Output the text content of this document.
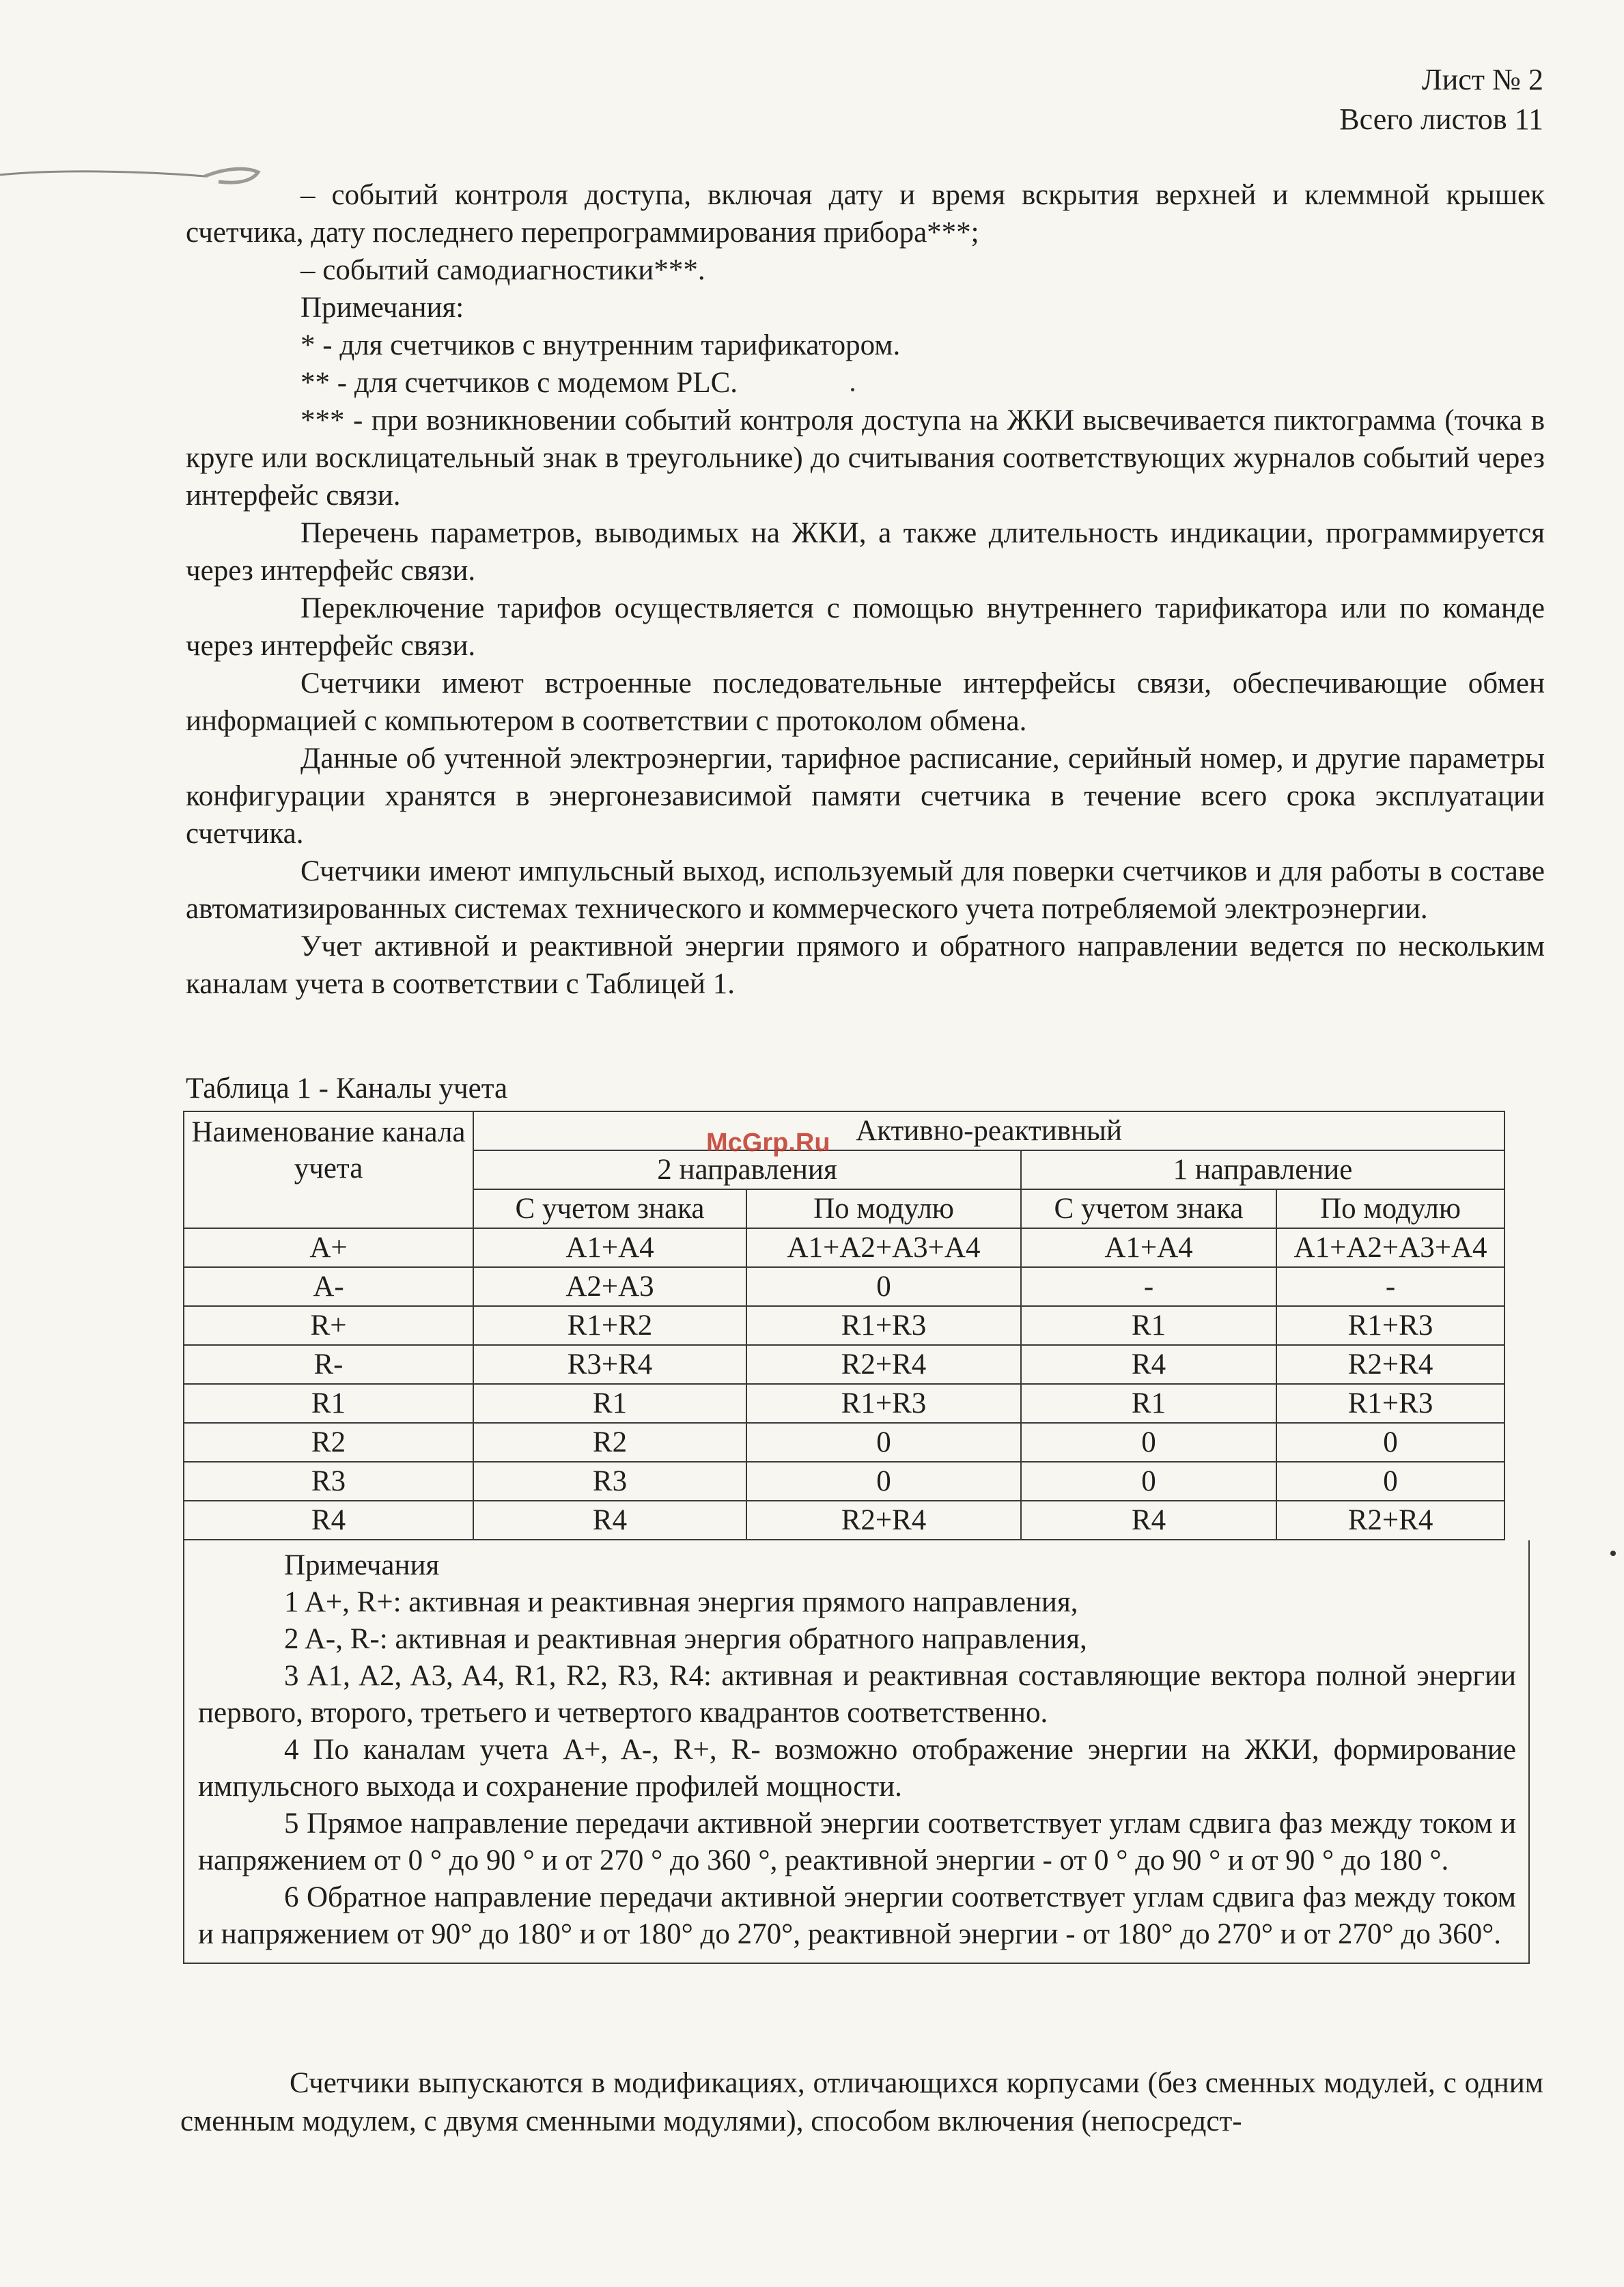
Лист № 2
Всего листов 11

– событий контроля доступа, включая дату и время вскрытия верхней и клеммной крышек счетчика, дату последнего перепрограммирования прибора***;

– событий самодиагностики***.

Примечания:

* - для счетчиков с внутренним тарификатором.

** - для счетчиков с модемом PLC.

*** - при возникновении событий контроля доступа на ЖКИ высвечивается пиктограмма (точка в круге или восклицательный знак в треугольнике) до считывания соответствующих журналов событий через интерфейс связи.

Перечень параметров, выводимых на ЖКИ, а также длительность индикации, программируется через интерфейс связи.

Переключение тарифов осуществляется с помощью внутреннего тарификатора или по команде через интерфейс связи.

Счетчики имеют встроенные последовательные интерфейсы связи, обеспечивающие обмен информацией с компьютером в соответствии с протоколом обмена.

Данные об учтенной электроэнергии, тарифное расписание, серийный номер, и другие параметры конфигурации хранятся в энергонезависимой памяти счетчика в течение всего срока эксплуатации счетчика.

Счетчики имеют импульсный выход, используемый для поверки счетчиков и для работы в составе автоматизированных системах технического и коммерческого учета потребляемой электроэнергии.

Учет активной и реактивной энергии прямого и обратного направлении ведется по нескольким каналам учета в соответствии с Таблицей 1.

Таблица 1 - Каналы учета
Наименование канала учета	Активно-реактивный			
	2 направления		1 направление	
	С учетом знака	По модулю	С учетом знака	По модулю
A+	A1+A4	A1+A2+A3+A4	A1+A4	A1+A2+A3+A4
A-	A2+A3	0	-	-
R+	R1+R2	R1+R3	R1	R1+R3
R-	R3+R4	R2+R4	R4	R2+R4
R1	R1	R1+R3	R1	R1+R3
R2	R2	0	0	0
R3	R3	0	0	0
R4	R4	R2+R4	R4	R2+R4

Примечания

1 A+, R+: активная и реактивная энергия прямого направления,

2 A-, R-: активная и реактивная энергия обратного направления,

3 A1, A2, A3, A4, R1, R2, R3, R4: активная и реактивная составляющие вектора полной энергии первого, второго, третьего и четвертого квадрантов соответственно.

4 По каналам учета A+, A-, R+, R- возможно отображение энергии на ЖКИ, формирование импульсного выхода и сохранение профилей мощности.

5 Прямое направление передачи активной энергии соответствует углам сдвига фаз между током и напряжением от 0 ° до 90 ° и от 270 ° до 360 °, реактивной энергии - от 0 ° до 90 ° и от 90 ° до 180 °.

6 Обратное направление передачи активной энергии соответствует углам сдвига фаз между током и напряжением от 90° до 180° и от 180° до 270°, реактивной энергии - от 180° до 270° и от 270° до 360°.

Счетчики выпускаются в модификациях, отличающихся корпусами (без сменных модулей, с одним сменным модулем, с двумя сменными модулями), способом включения (непосредст-

McGrp.Ru
